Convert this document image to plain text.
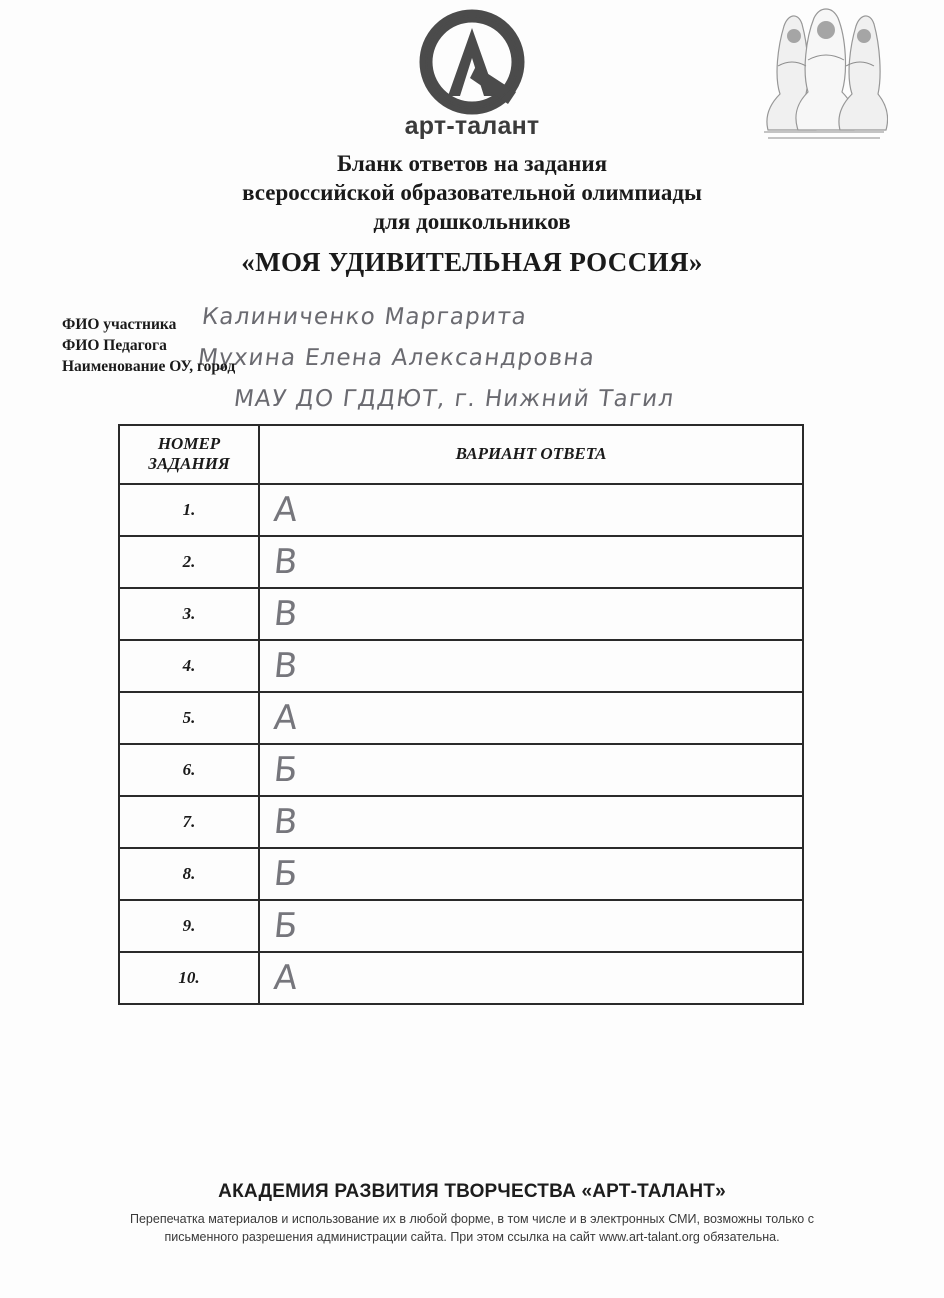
арт-талант
Бланк ответов на задания
всероссийской образовательной олимпиады
для дошкольников
«МОЯ УДИВИТЕЛЬНАЯ РОССИЯ»
ФИО участника Калиниченко Маргарита
ФИО Педагога Мухина Елена Александровна
Наименование ОУ, город
МАУ ДО ГДДЮТ, г. Нижний Тагил
НОМЕР
ЗАДАНИЯ	ВАРИАНТ ОТВЕТА
1.	А

2.	В

3.	В

4.	В

5.	А

6.	Б

7.	В

8.	Б

9.	Б

10.	А
АКАДЕМИЯ РАЗВИТИЯ ТВОРЧЕСТВА «АРТ-ТАЛАНТ»
Перепечатка материалов и использование их в любой форме, в том числе и в электронных СМИ, возможны только с письменного разрешения администрации сайта. При этом ссылка на сайт www.art-talant.org обязательна.
